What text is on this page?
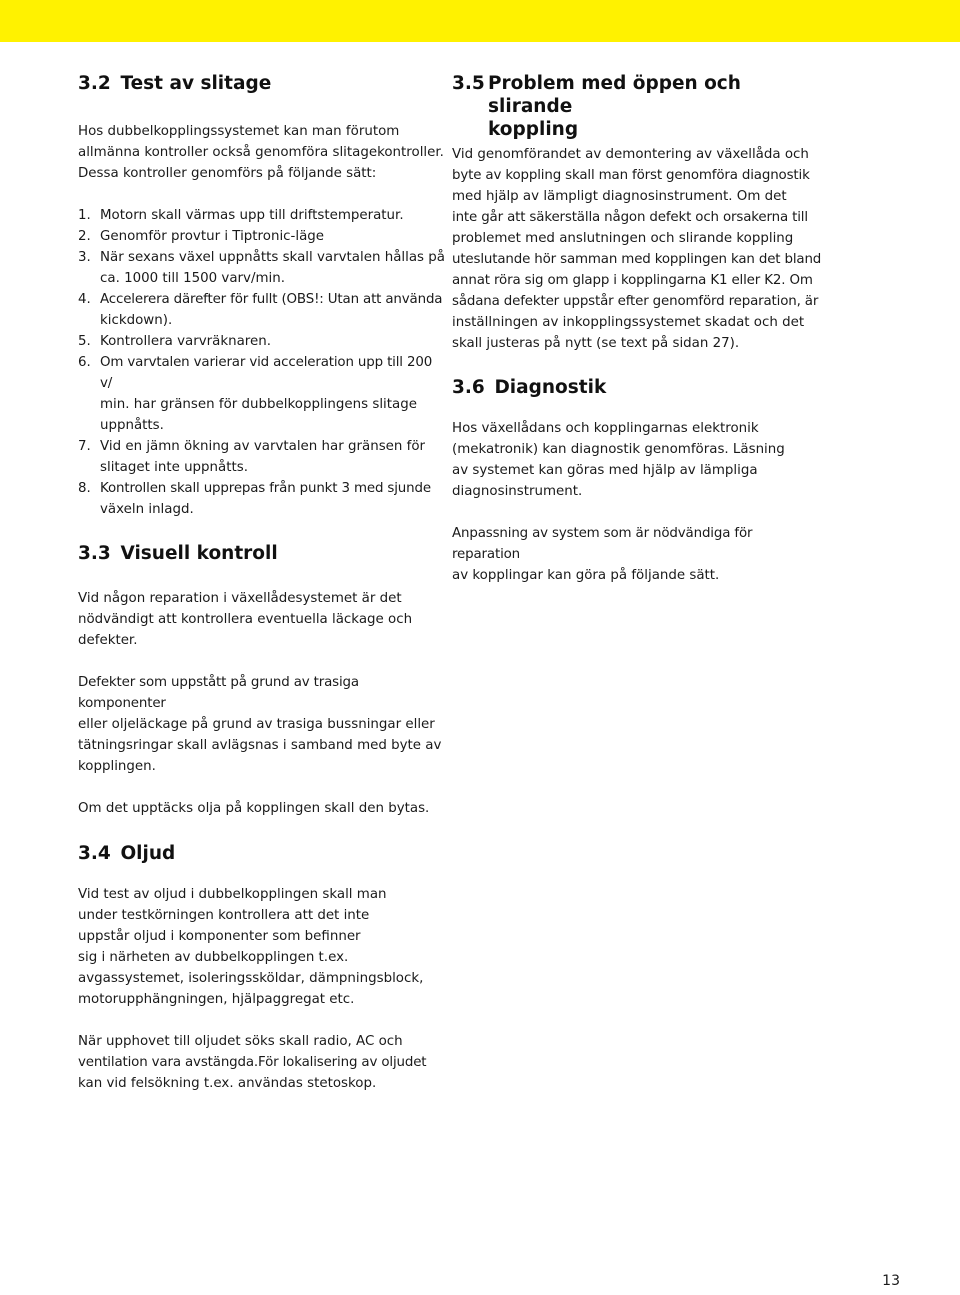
3.2 Test av slitage

Hos dubbelkopplingssystemet kan man förutom
allmänna kontroller också genomföra slitagekontroller.
Dessa kontroller genomförs på följande sätt:

1. Motorn skall värmas upp till driftstemperatur.
2. Genomför provtur i Tiptronic-läge
3. När sexans växel uppnåtts skall varvtalen hållas på
ca. 1000 till 1500 varv/min.
4. Accelerera därefter för fullt (OBS!: Utan att använda
kickdown).
5. Kontrollera varvräknaren.
6. Om varvtalen varierar vid acceleration upp till 200 v/
min. har gränsen för dubbelkopplingens slitage
uppnåtts.
7. Vid en jämn ökning av varvtalen har gränsen för
slitaget inte uppnåtts.
8. Kontrollen skall upprepas från punkt 3 med sjunde
växeln inlagd.
3.3 Visuell kontroll

Vid någon reparation i växellådesystemet är det
nödvändigt att kontrollera eventuella läckage och
defekter.

Defekter som uppstått på grund av trasiga komponenter
eller oljeläckage på grund av trasiga bussningar eller
tätningsringar skall avlägsnas i samband med byte av
kopplingen.

Om det upptäcks olja på kopplingen skall den bytas.

3.4 Oljud

Vid test av oljud i dubbelkopplingen skall man
under testkörningen kontrollera att det inte
uppstår oljud i komponenter som befinner
sig i närheten av dubbelkopplingen t.ex.
avgassystemet, isoleringssköldar, dämpningsblock,
motorupphängningen, hjälpaggregat etc.

När upphovet till oljudet söks skall radio, AC och
ventilation vara avstängda.För lokalisering av oljudet
kan vid felsökning t.ex. användas stetoskop.

3.5 Problem med öppen och slirande
koppling

Vid genomförandet av demontering av växellåda och
byte av koppling skall man först genomföra diagnostik
med hjälp av lämpligt diagnosinstrument. Om det
inte går att säkerställa någon defekt och orsakerna till
problemet med anslutningen och slirande koppling
uteslutande hör samman med kopplingen kan det bland
annat röra sig om glapp i kopplingarna K1 eller K2. Om
sådana defekter uppstår efter genomförd reparation, är
inställningen av inkopplingssystemet skadat och det
skall justeras på nytt (se text på sidan 27).

3.6 Diagnostik

Hos växellådans och kopplingarnas elektronik
(mekatronik) kan diagnostik genomföras. Läsning
av systemet kan göras med hjälp av lämpliga
diagnosinstrument.

Anpassning av system som är nödvändiga för reparation
av kopplingar kan göra på följande sätt.

13
